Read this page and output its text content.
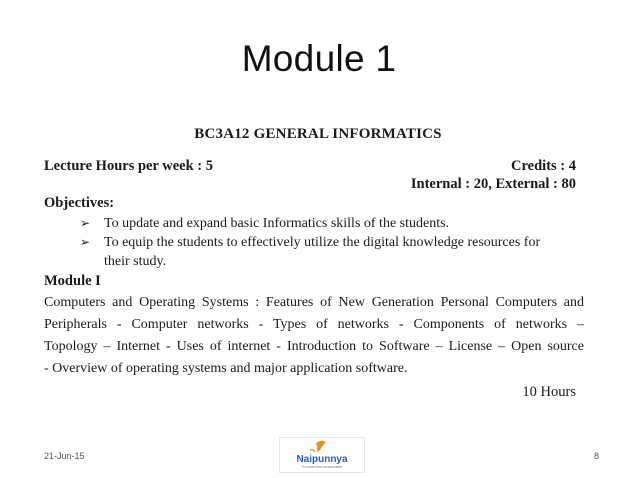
Module 1
BC3A12 GENERAL INFORMATICS
Lecture Hours per week : 5	Credits : 4
Internal : 20, External : 80
Objectives:
➢ To update and expand basic Informatics skills of the students.
➢ To equip the students to effectively utilize the digital knowledge resources for
their study.
Module I
Computers and Operating Systems : Features of New Generation Personal Computers and
Peripherals - Computer networks - Types of networks - Components of networks –
Topology – Internet - Uses of internet - Introduction to Software – License – Open source
- Overview of operating systems and major application software.
10 Hours
21-Jun-15	Naipunnya
To reach the unreachable
8
